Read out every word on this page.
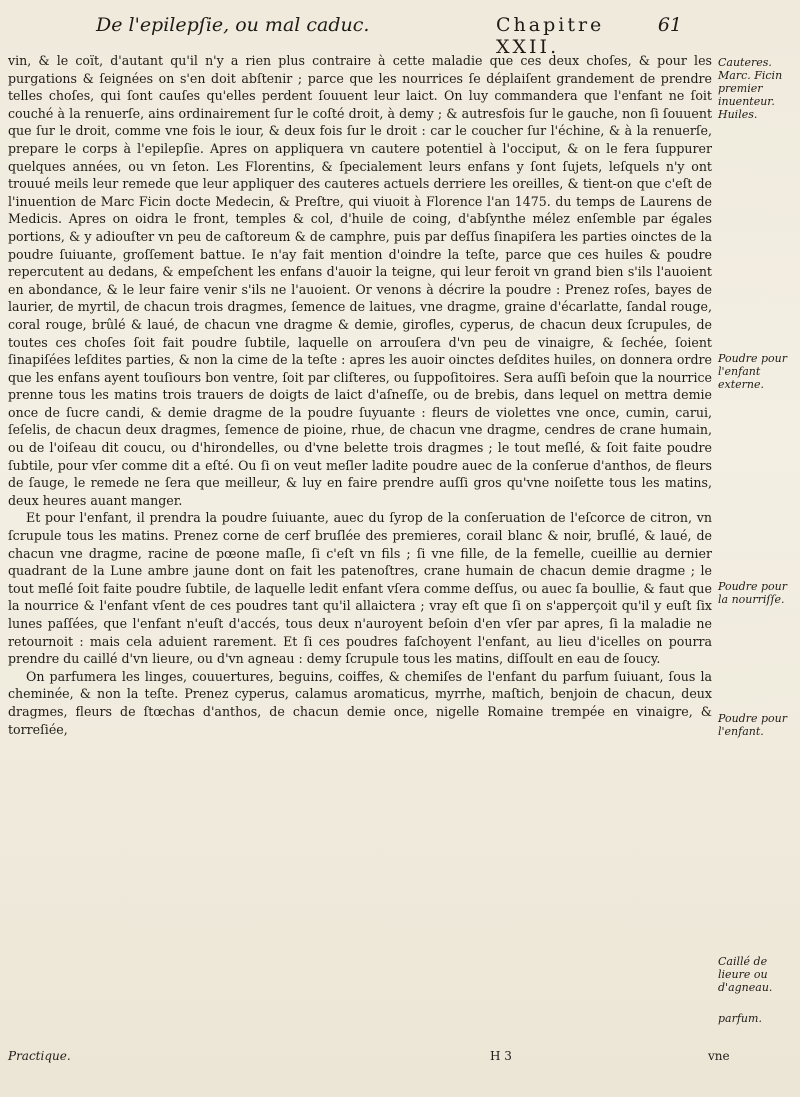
De l'epilepſie, ou mal caduc.	Chapitre XXII.
61

vin, & le coït, d'autant qu'il n'y a rien plus contraire à cette maladie que ces deux choſes, & pour les purgations & ſeignées on s'en doit abſtenir ; parce que les nourrices ſe déplaiſent grandement de prendre telles choſes, qui ſont cauſes qu'elles perdent ſouuent leur laict. On luy commandera que l'enfant ne ſoit couché à la renuerſe, ains ordinairement ſur le coſté droit, à demy ; & autresfois ſur le gauche, non ſi ſouuent que ſur le droit, comme vne fois le iour, & deux fois ſur le droit : car le coucher ſur l'échine, & à la renuerſe, prepare le corps à l'epilepſie. Apres on appliquera vn cautere potentiel à l'occiput, & on le fera ſuppurer quelques années, ou vn ſeton. Les Florentins, & ſpecialement leurs enfans y ſont ſujets, leſquels n'y ont trouué meils leur remede que leur appliquer des cauteres actuels derriere les oreilles, & tient-on que c'eſt de l'inuention de Marc Ficin docte Medecin, & Preſtre, qui viuoit à Florence l'an 1475. du temps de Laurens de Medicis. Apres on oidra le front, temples & col, d'huile de coing, d'abſynthe mélez enſemble par égales portions, & y adiouſter vn peu de caſtoreum & de camphre, puis par deſſus ſinapiſera les parties oinctes de la poudre ſuiuante, groſſement battue. Ie n'ay fait mention d'oindre la teſte, parce que ces huiles & poudre repercutent au dedans, & empeſchent les enfans d'auoir la teigne, qui leur feroit vn grand bien s'ils l'auoient en abondance, & le leur faire venir s'ils ne l'auoient. Or venons à décrire la poudre : Prenez roſes, bayes de laurier, de myrtil, de chacun trois dragmes, ſemence de laitues, vne dragme, graine d'écarlatte, ſandal rouge, coral rouge, brûlé & laué, de chacun vne dragme & demie, girofles, cyperus, de chacun deux ſcrupules, de toutes ces choſes ſoit fait poudre ſubtile, laquelle on arrouſera d'vn peu de vinaigre, & ſechée, ſoient ſinapiſées leſdites parties, & non la cime de la teſte : apres les auoir oinctes deſdites huiles, on donnera ordre que les enfans ayent touſiours bon ventre, ſoit par cliſteres, ou ſuppoſitoires. Sera auſſi beſoin que la nourrice prenne tous les matins trois trauers de doigts de laict d'aſneſſe, ou de brebis, dans lequel on mettra demie once de ſucre candi, & demie dragme de la poudre ſuyuante : fleurs de violettes vne once, cumin, carui, ſeſelis, de chacun deux dragmes, ſemence de pioine, rhue, de chacun vne dragme, cendres de crane humain, ou de l'oiſeau dit coucu, ou d'hirondelles, ou d'vne belette trois dragmes ; le tout meſlé, & ſoit faite poudre ſubtile, pour vſer comme dit a eſté. Ou ſi on veut meſler ladite poudre auec de la conſerue d'anthos, de fleurs de ſauge, le remede ne ſera que meilleur, & luy en faire prendre auſſi gros qu'vne noiſette tous les matins, deux heures auant manger.

Et pour l'enfant, il prendra la poudre ſuiuante, auec du ſyrop de la conſeruation de l'eſcorce de citron, vn ſcrupule tous les matins. Prenez corne de cerf bruſlée des premieres, corail blanc & noir, bruſlé, & laué, de chacun vne dragme, racine de pœone maſle, ſi c'eſt vn fils ; ſi vne fille, de la femelle, cueillie au dernier quadrant de la Lune ambre jaune dont on fait les patenoſtres, crane humain de chacun demie dragme ; le tout meſlé ſoit faite poudre ſubtile, de laquelle ledit enfant vſera comme deſſus, ou auec ſa boullie, & faut que la nourrice & l'enfant vſent de ces poudres tant qu'il allaictera ; vray eſt que ſi on s'apperçoit qu'il y euſt ſix lunes paſſées, que l'enfant n'euſt d'accés, tous deux n'auroyent beſoin d'en vſer par apres, ſi la maladie ne retournoit : mais cela aduient rarement. Et ſi ces poudres faſchoyent l'enfant, au lieu d'icelles on pourra prendre du caillé d'vn lieure, ou d'vn agneau : demy ſcrupule tous les matins, diſſoult en eau de ſoucy.

On parfumera les linges, couuertures, beguins, coiffes, & chemiſes de l'enfant du parfum ſuiuant, ſous la cheminée, & non la teſte. Prenez cyperus, calamus aromaticus, myrrhe, maſtich, benjoin de chacun, deux dragmes, fleurs de ſtœchas d'anthos, de chacun demie once, nigelle Romaine trempée en vinaigre, & torreſiée,

Cauteres. Marc. Ficin premier inuenteur. Huiles.
Poudre pour l'enfant externe.
Poudre pour la nourriſſe.
Poudre pour l'enfant.
Caillé de lieure ou d'agneau.
parfum.
Practique.	H 3	vne
